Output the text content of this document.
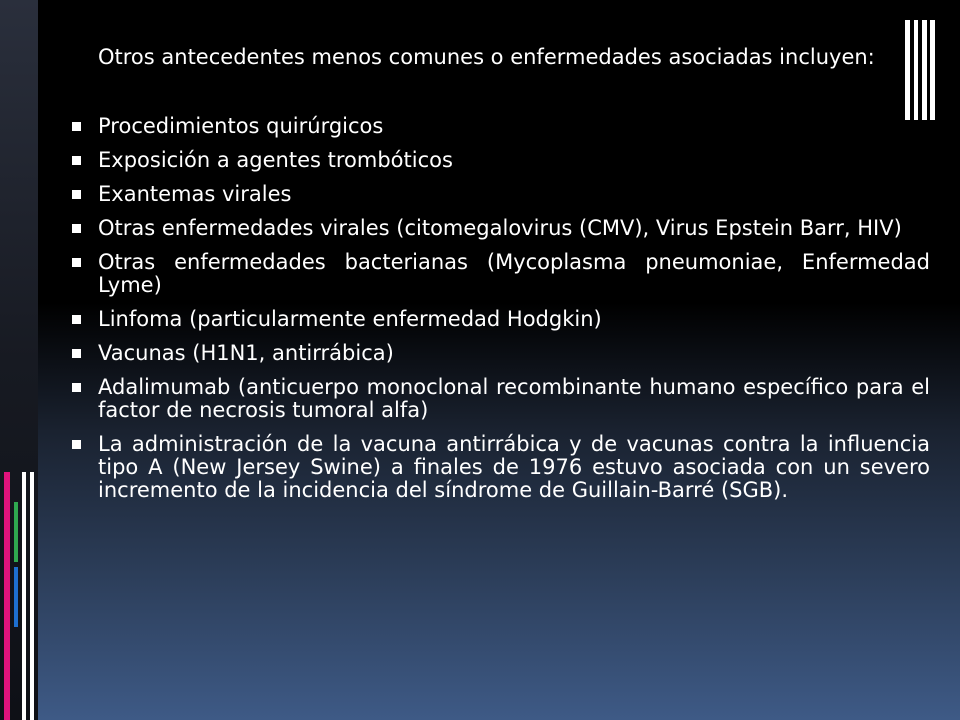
Otros antecedentes menos comunes o enfermedades asociadas incluyen:

Procedimientos quirúrgicos
Exposición a agentes trombóticos
Exantemas virales
Otras enfermedades virales (citomegalovirus (CMV), Virus Epstein Barr, HIV)
Otras enfermedades bacterianas (Mycoplasma pneumoniae, Enfermedad Lyme)
Linfoma (particularmente enfermedad Hodgkin)
Vacunas (H1N1, antirrábica)
Adalimumab (anticuerpo monoclonal recombinante humano específico para el factor de necrosis tumoral alfa)
La administración de la vacuna antirrábica y de vacunas contra la influencia tipo A (New Jersey Swine) a finales de 1976 estuvo asociada con un severo incremento de la incidencia del síndrome de Guillain-Barré (SGB).
